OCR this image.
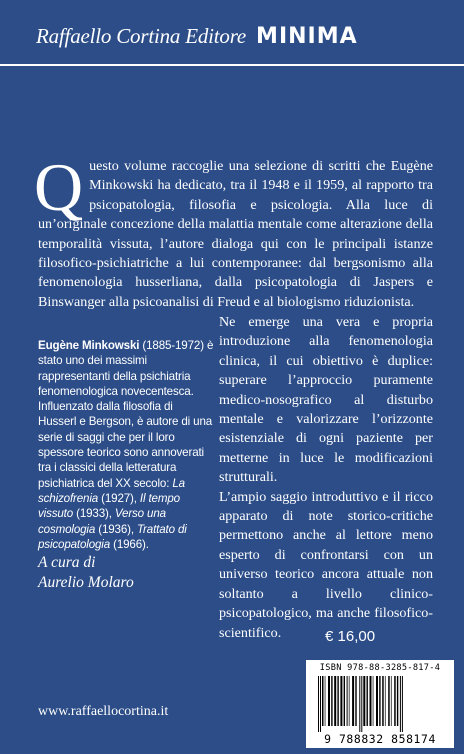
Raffaello Cortina Editore MINIMA
Questo volume raccoglie una selezione di scritti che Eugène Minkowski ha dedicato, tra il 1948 e il 1959, al rapporto tra psicopatologia, filosofia e psicologia. Alla luce di un’originale concezione della malattia mentale come alterazione della temporalità vissuta, l’autore dialoga qui con le principali istanze filosofico-psichiatriche a lui contemporanee: dal bergsonismo alla fenomenologia husserliana, dalla psicopatologia di Jaspers e Binswanger alla psicoanalisi di Freud e al biologismo riduzionista.
Eugène Minkowski (1885-1972) è stato uno dei massimi rappresentanti della psichiatria fenomenologica novecentesca. Influenzato dalla filosofia di Husserl e Bergson, è autore di una serie di saggi che per il loro spessore teorico sono annoverati tra i classici della letteratura psichiatrica del XX secolo: La schizofrenia (1927), Il tempo vissuto (1933), Verso una cosmologia (1936), Trattato di psicopatologia (1966).

Ne emerge una vera e propria introduzione alla fenomenologia clinica, il cui obiettivo è duplice: superare l’approccio puramente medico-nosografico al disturbo mentale e valorizzare l’orizzonte esistenziale di ogni paziente per metterne in luce le modificazioni strutturali.

L’ampio saggio introduttivo e il ricco apparato di note storico-critiche permettono anche al lettore meno esperto di confrontarsi con un universo teorico ancora attuale non soltanto a livello clinico-psicopatologico, ma anche filosofico-scientifico.

A cura di
Aurelio Molaro
€ 16,00
ISBN 978-88-3285-817-4
9 788832 858174
www.raffaellocortina.it
